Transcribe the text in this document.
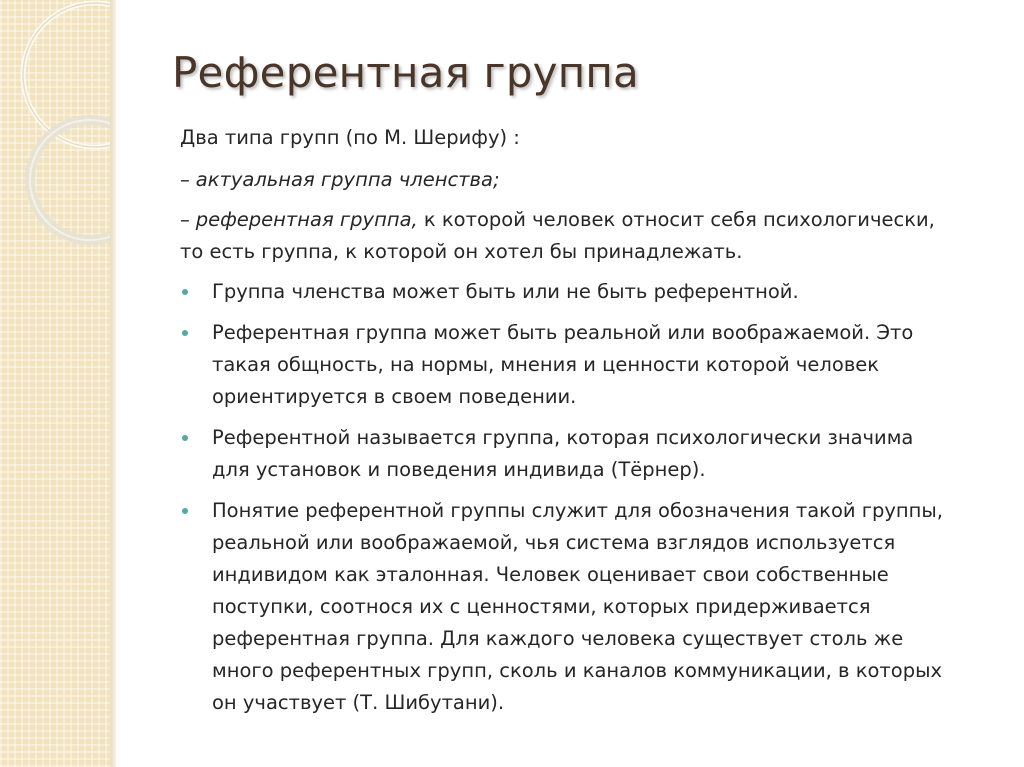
Референтная группа
Два типа групп (по М. Шерифу) :
– актуальная группа членства;
– референтная группа, к которой человек относит себя психологически,
то есть группа, к которой он хотел бы принадлежать.
Группа членства может быть или не быть референтной.
Референтная группа может быть реальной или воображаемой. Это
такая общность, на нормы, мнения и ценности которой человек
ориентируется в своем поведении.
Референтной называется группа, которая психологически значима
для установок и поведения индивида (Тёрнер).
Понятие референтной группы служит для обозначения такой группы,
реальной или воображаемой, чья система взглядов используется
индивидом как эталонная. Человек оценивает свои собственные
поступки, соотнося их с ценностями, которых придерживается
референтная группа. Для каждого человека существует столь же
много референтных групп, сколь и каналов коммуникации, в которых
он участвует (Т. Шибутани).
